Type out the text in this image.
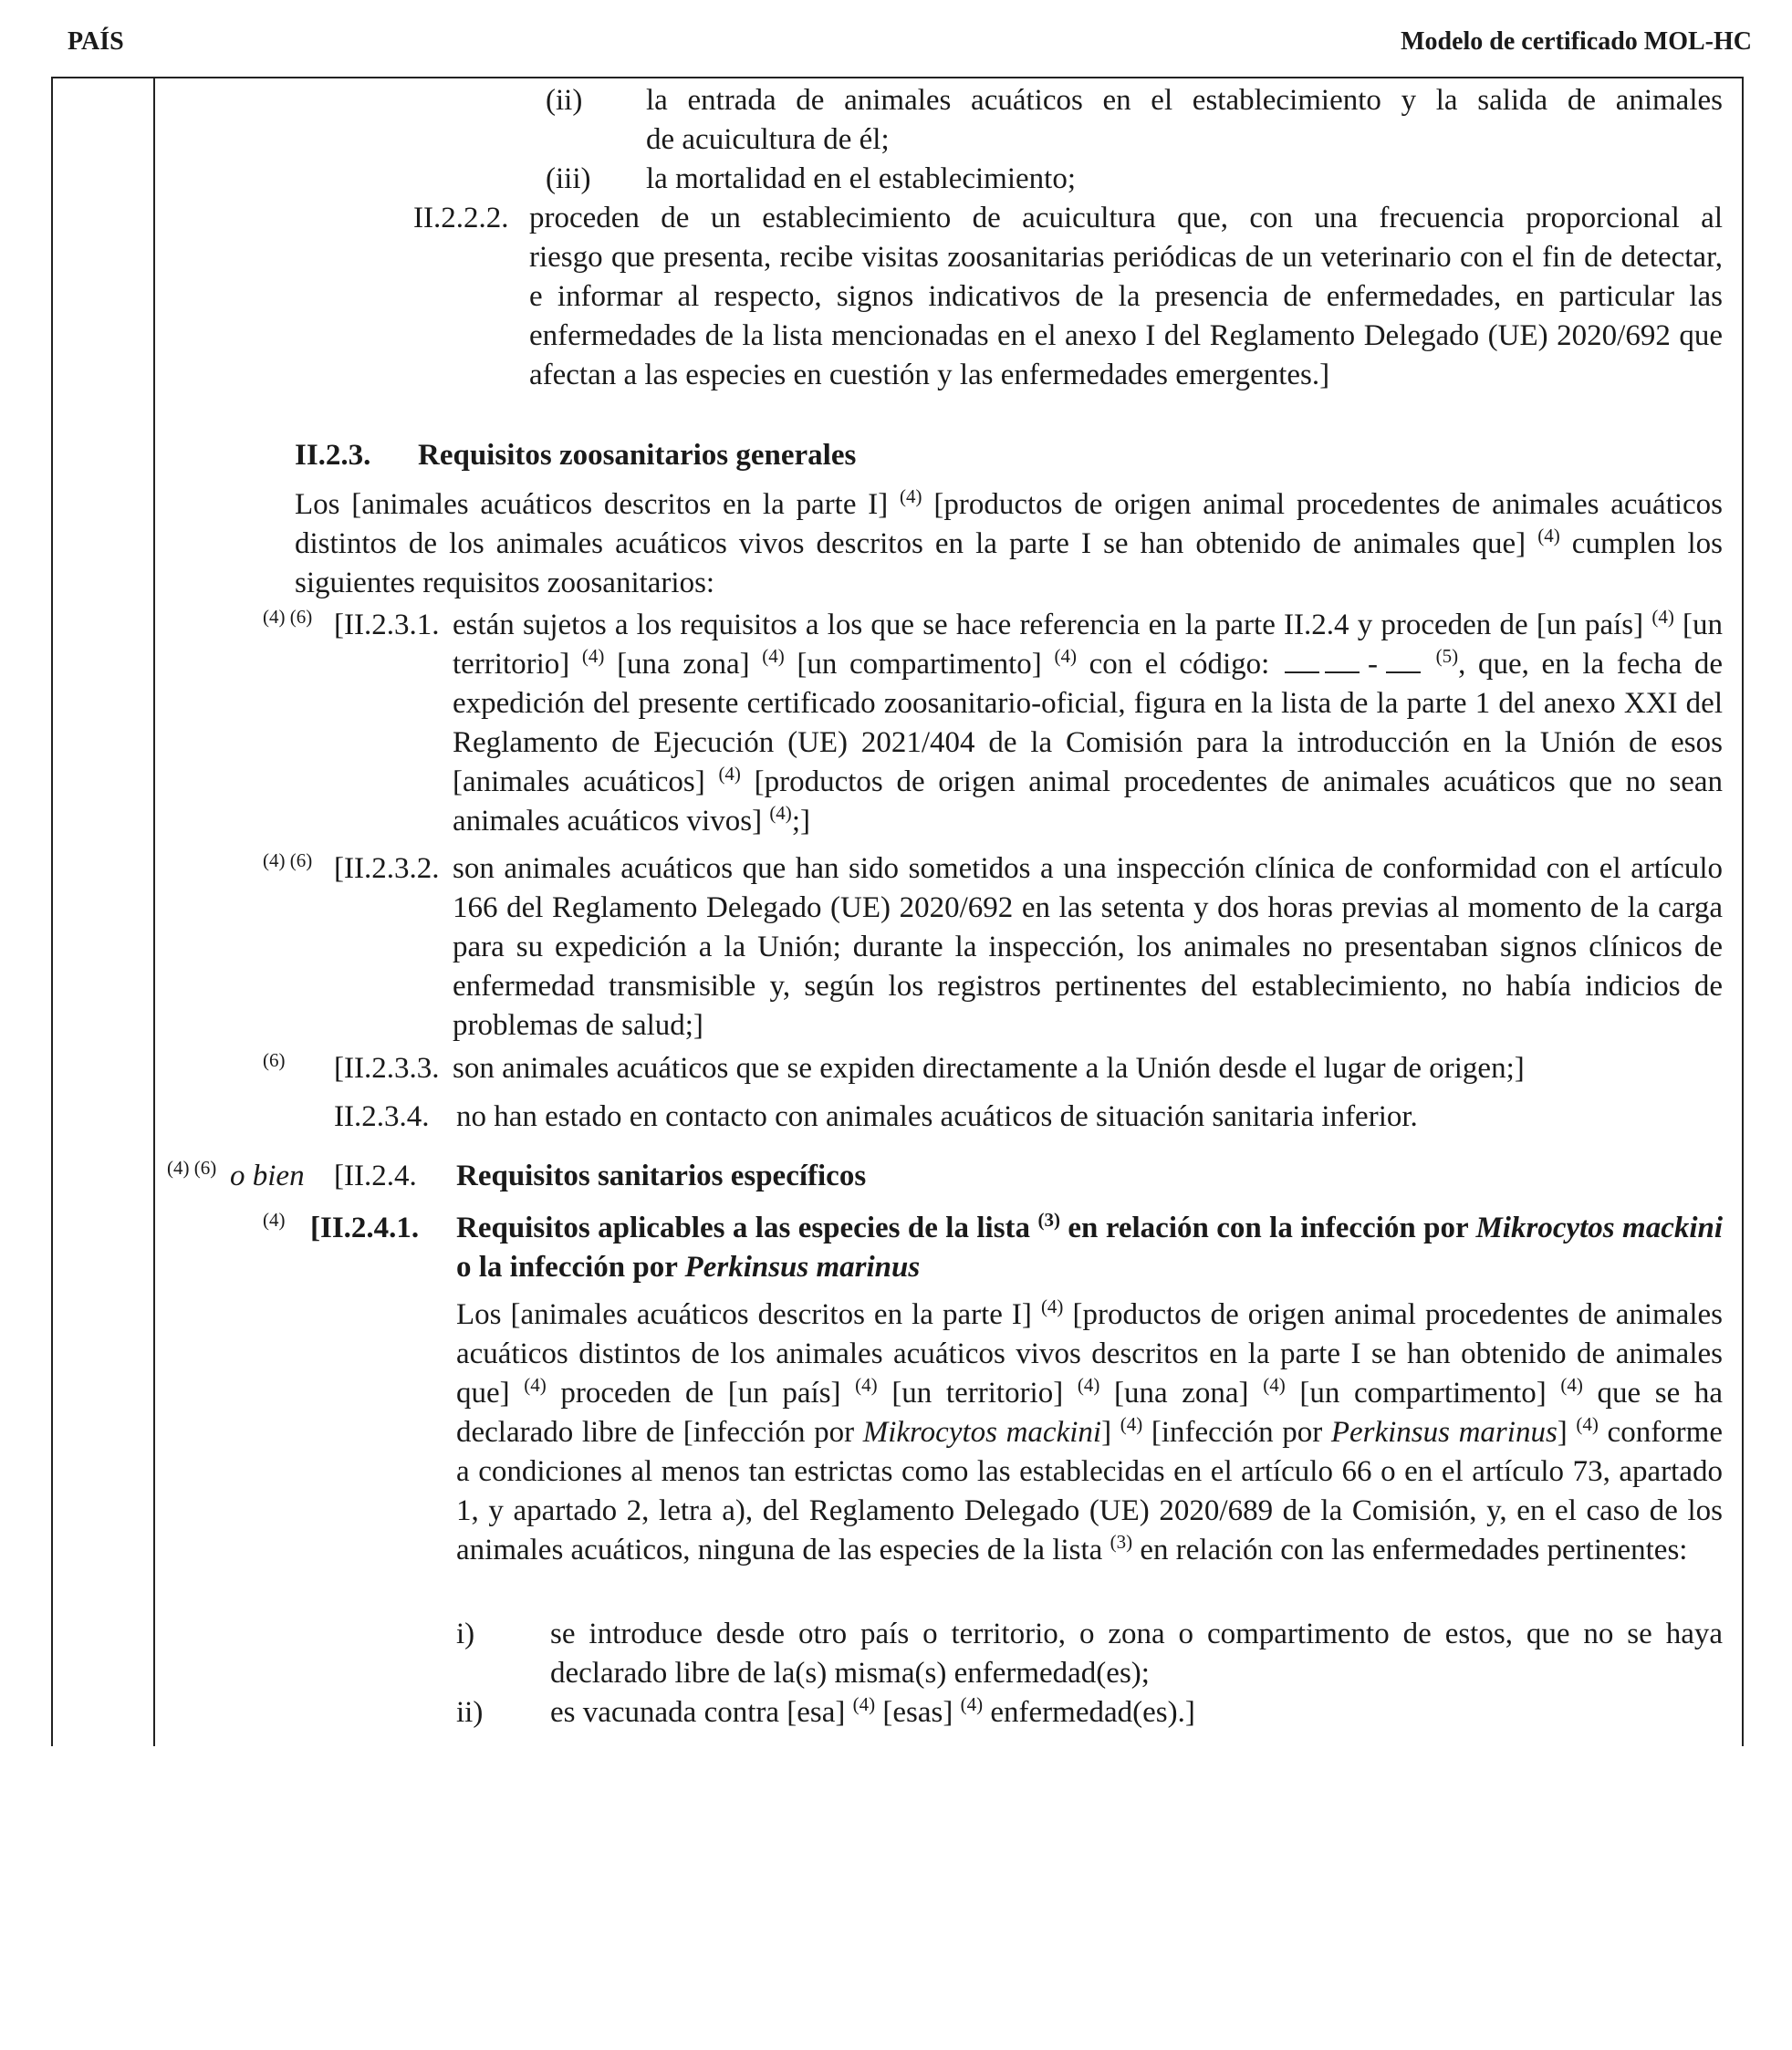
PAÍS	Modelo de certificado MOL-HC
(ii) la entrada de animales acuáticos en el establecimiento y la salida de animales
de acuicultura de él;
(iii) la mortalidad en el establecimiento;
II.2.2.2. proceden de un establecimiento de acuicultura que, con una frecuencia proporcional al
riesgo que presenta, recibe visitas zoosanitarias periódicas de un veterinario con el fin de detectar, e informar al respecto, signos indicativos de la presencia de enfermedades, en particular las enfermedades de la lista mencionadas en el anexo I del Reglamento Delegado (UE) 2020/692 que afectan a las especies en cuestión y las enfermedades emergentes.]
II.2.3. Requisitos zoosanitarios generales
Los [animales acuáticos descritos en la parte I] $^{(4)}$ [productos de origen animal procedentes de animales acuáticos distintos de los animales acuáticos vivos descritos en la parte I se han obtenido de animales que] $^{(4)}$ cumplen los siguientes requisitos zoosanitarios:
$^{(4) (6)}$ [II.2.3.1. están sujetos a los requisitos a los que se hace referencia en la parte II.2.4 y proceden de [un país] $^{(4)}$ [un territorio] $^{(4)}$ [una zona] $^{(4)}$ [un compartimento] $^{(4)}$ con el código:	-	$^{(5)}$, que, en la fecha de expedición del presente certificado zoosanitario-oficial, figura en la lista de la parte 1 del anexo XXI del Reglamento de Ejecución (UE) 2021/404 de la Comisión para la introducción en la Unión de esos [animales acuáticos] $^{(4)}$ [productos de origen animal procedentes de animales acuáticos que no sean animales acuáticos vivos] $^{(4)}$;]
$^{(4) (6)}$ [II.2.3.2. son animales acuáticos que han sido sometidos a una inspección clínica de conformidad con el artículo 166 del Reglamento Delegado (UE) 2020/692 en las setenta y dos horas previas al momento de la carga para su expedición a la Unión; durante la inspección, los animales no presentaban signos clínicos de enfermedad transmisible y, según los registros pertinentes del establecimiento, no había indicios de problemas de salud;]
$^{(6)}$ [II.2.3.3. son animales acuáticos que se expiden directamente a la Unión desde el lugar de origen;]
II.2.3.4. no han estado en contacto con animales acuáticos de situación sanitaria inferior.
$^{(4) (6)}$ o bien [II.2.4. Requisitos sanitarios específicos
$^{(4)}$ [II.2.4.1. Requisitos aplicables a las especies de la lista $^{(3)}$ en relación con la infección por Mikrocytos mackini o la infección por Perkinsus marinus
Los [animales acuáticos descritos en la parte I] $^{(4)}$ [productos de origen animal procedentes de animales acuáticos distintos de los animales acuáticos vivos descritos en la parte I se han obtenido de animales que] $^{(4)}$ proceden de [un país] $^{(4)}$ [un territorio] $^{(4)}$ [una zona] $^{(4)}$ [un compartimento] $^{(4)}$ que se ha declarado libre de [infección por Mikrocytos mackini] $^{(4)}$ [infección por Perkinsus marinus] $^{(4)}$ conforme a condiciones al menos tan estrictas como las establecidas en el artículo 66 o en el artículo 73, apartado 1, y apartado 2, letra a), del Reglamento Delegado (UE) 2020/689 de la Comisión, y, en el caso de los animales acuáticos, ninguna de las especies de la lista $^{(3)}$ en relación con las enfermedades pertinentes:
i)	se introduce desde otro país o territorio, o zona o compartimento de estos, que no se haya declarado libre de la(s) misma(s) enfermedad(es);
ii) es vacunada contra [esa] $^{(4)}$ [esas] $^{(4)}$ enfermedad(es).]
